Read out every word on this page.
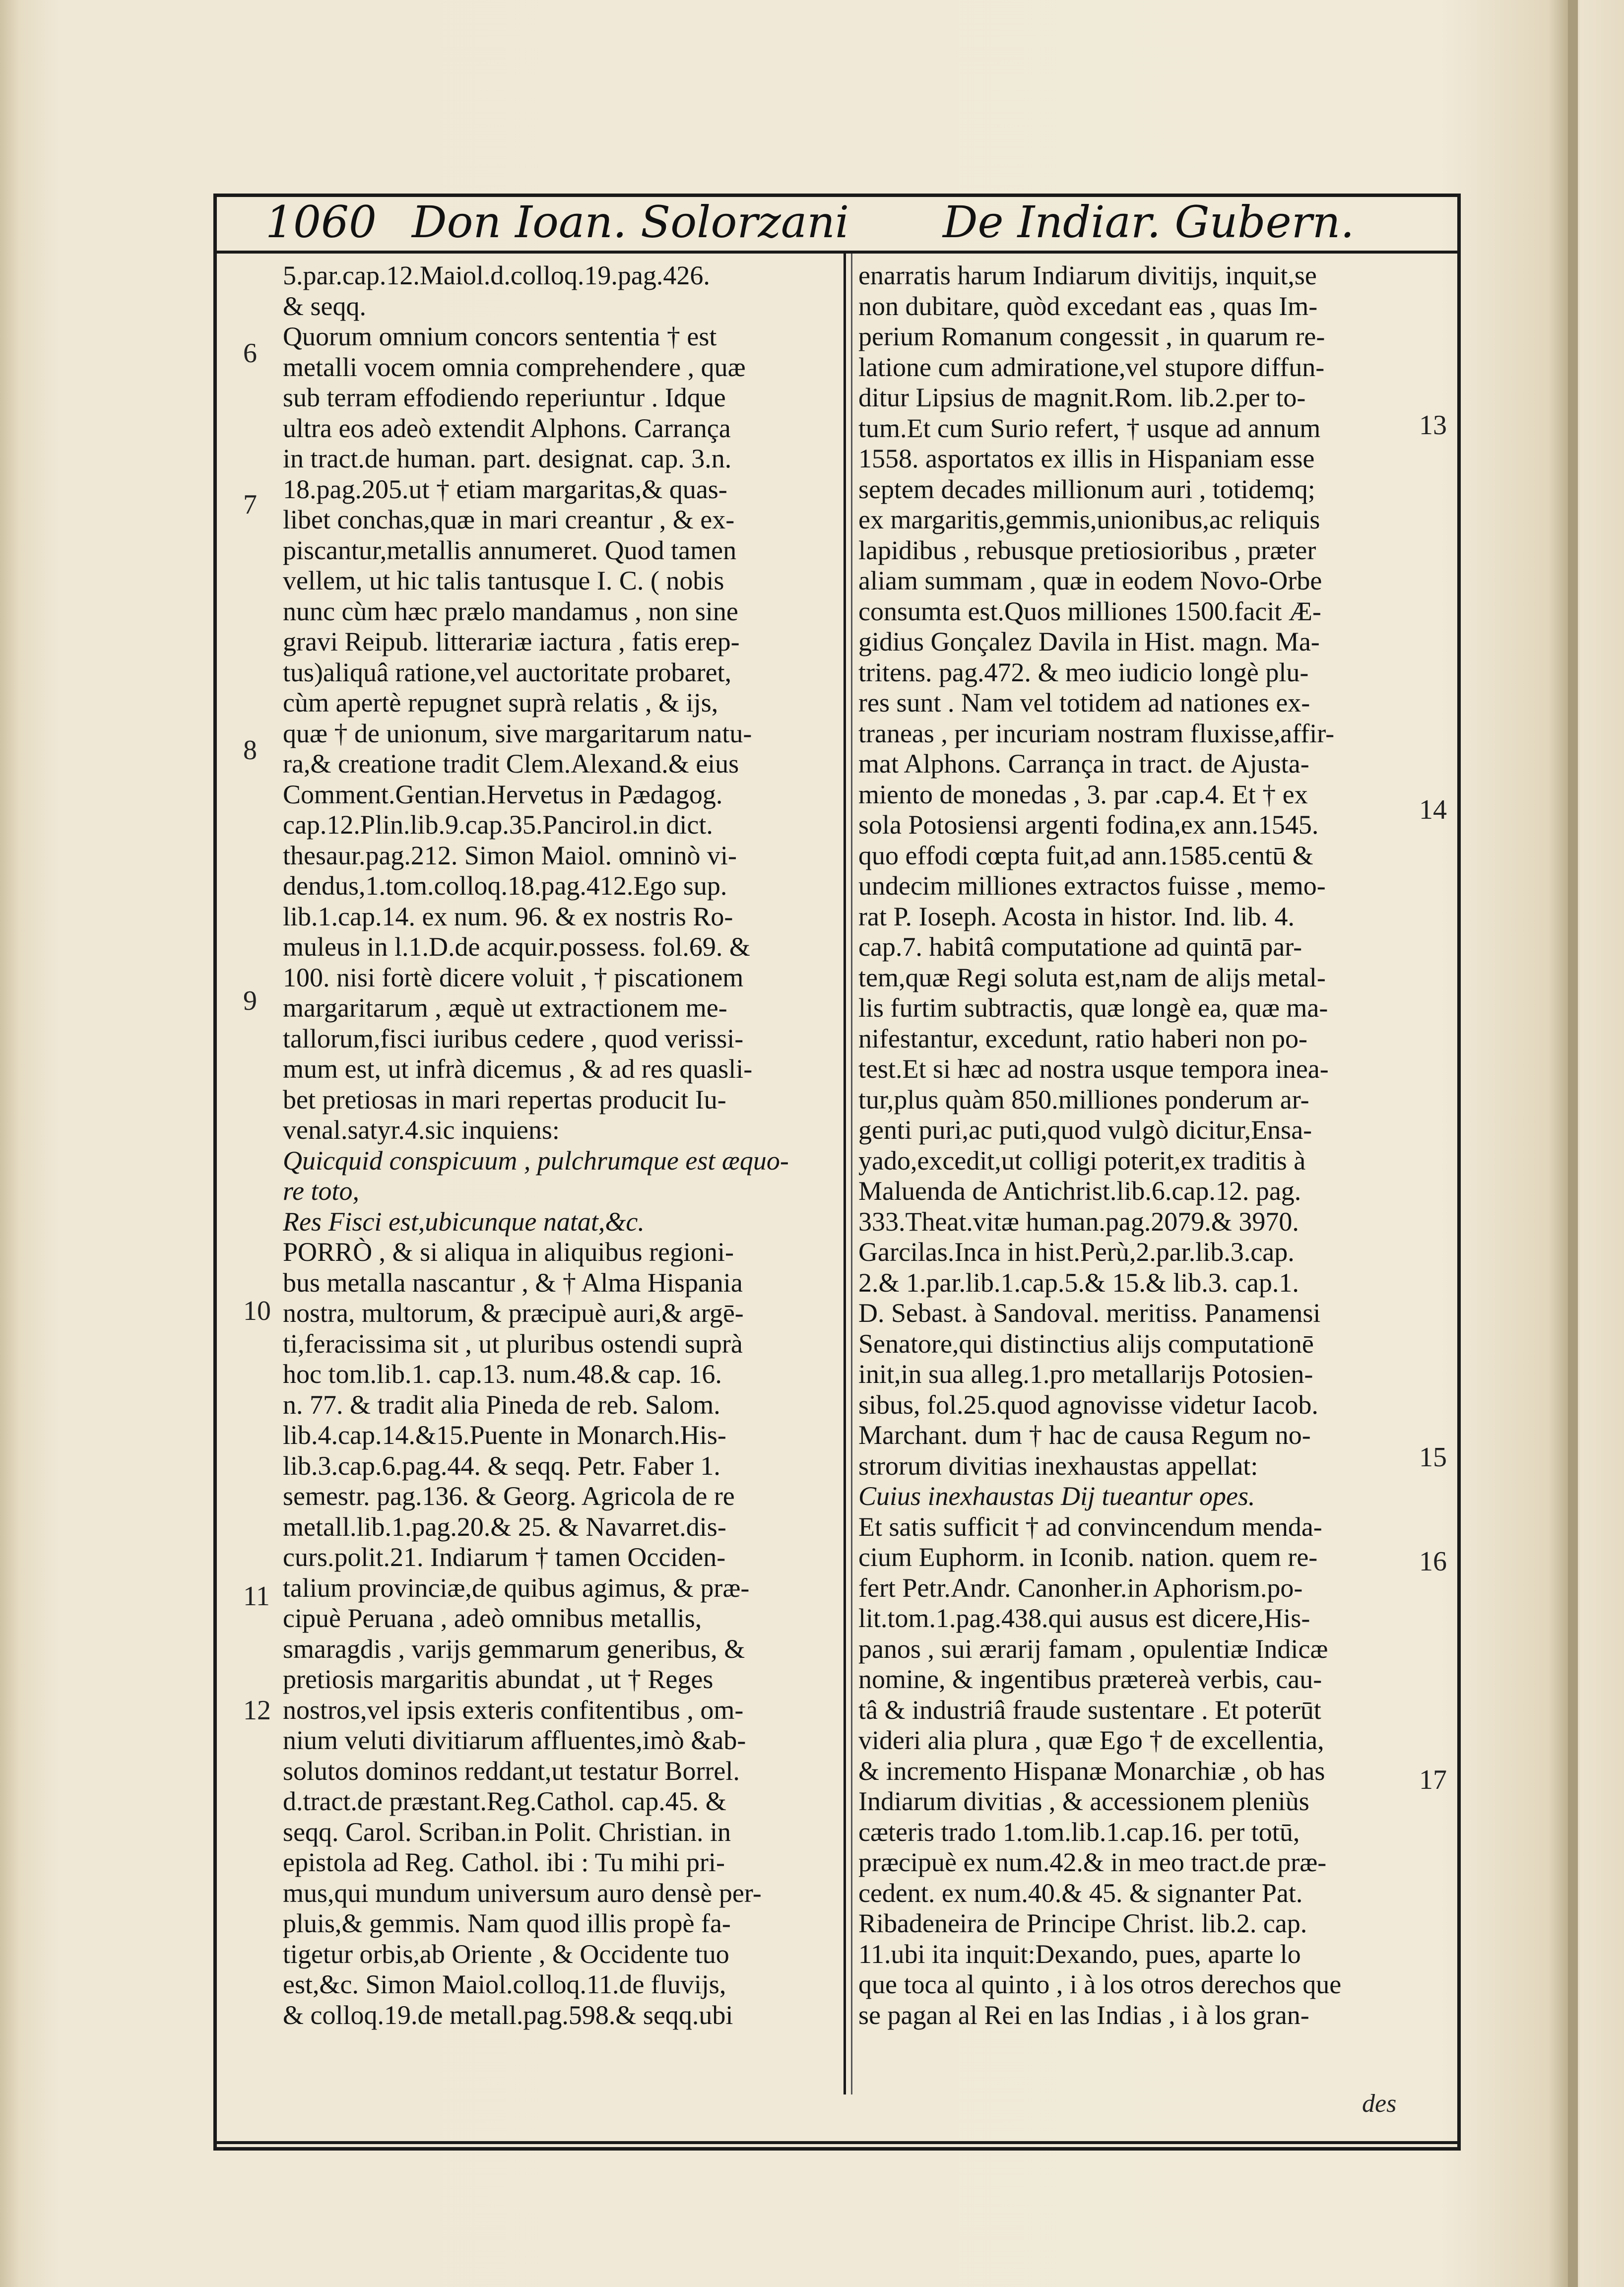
1060 Don Ioan. Solorzani De Indiar. Gubern.
5.par.cap.12.Maiol.d.colloq.19.pag.426.
& seqq.
Quorum omnium concors sententia † est
metalli vocem omnia comprehendere , quæ
sub terram effodiendo reperiuntur . Idque
ultra eos adeò extendit Alphons. Carrança
in tract.de human. part. designat. cap. 3.n.
18.pag.205.ut † etiam margaritas,& quas-
libet conchas,quæ in mari creantur , & ex-
piscantur,metallis annumeret. Quod tamen
vellem, ut hic talis tantusque I. C. ( nobis
nunc cùm hæc prælo mandamus , non sine
gravi Reipub. litterariæ iactura , fatis erep-
tus)aliquâ ratione,vel auctoritate probaret,
cùm apertè repugnet suprà relatis , & ijs,
quæ † de unionum, sive margaritarum natu-
ra,& creatione tradit Clem.Alexand.& eius
Comment.Gentian.Hervetus in Pædagog.
cap.12.Plin.lib.9.cap.35.Pancirol.in dict.
thesaur.pag.212. Simon Maiol. omninò vi-
dendus,1.tom.colloq.18.pag.412.Ego sup.
lib.1.cap.14. ex num. 96. & ex nostris Ro-
muleus in l.1.D.de acquir.possess. fol.69. &
100. nisi fortè dicere voluit , † piscationem
margaritarum , æquè ut extractionem me-
tallorum,fisci iuribus cedere , quod verissi-
mum est, ut infrà dicemus , & ad res quasli-
bet pretiosas in mari repertas producit Iu-
venal.satyr.4.sic inquiens:
Quicquid conspicuum , pulchrumque est æquo-
re toto,
Res Fisci est,ubicunque natat,&c.
PORRÒ , & si aliqua in aliquibus regioni-
bus metalla nascantur , & † Alma Hispania
nostra, multorum, & præcipuè auri,& argē-
ti,feracissima sit , ut pluribus ostendi suprà
hoc tom.lib.1. cap.13. num.48.& cap. 16.
n. 77. & tradit alia Pineda de reb. Salom.
lib.4.cap.14.&15.Puente in Monarch.His-
lib.3.cap.6.pag.44. & seqq. Petr. Faber 1.
semestr. pag.136. & Georg. Agricola de re
metall.lib.1.pag.20.& 25. & Navarret.dis-
curs.polit.21. Indiarum † tamen Occiden-
talium provinciæ,de quibus agimus, & præ-
cipuè Peruana , adeò omnibus metallis,
smaragdis , varijs gemmarum generibus, &
pretiosis margaritis abundat , ut † Reges
nostros,vel ipsis exteris confitentibus , om-
nium veluti divitiarum affluentes,imò &ab-
solutos dominos reddant,ut testatur Borrel.
d.tract.de præstant.Reg.Cathol. cap.45. &
seqq. Carol. Scriban.in Polit. Christian. in
epistola ad Reg. Cathol. ibi : Tu mihi pri-
mus,qui mundum universum auro densè per-
pluis,& gemmis. Nam quod illis propè fa-
tigetur orbis,ab Oriente , & Occidente tuo
est,&c. Simon Maiol.colloq.11.de fluvijs,
& colloq.19.de metall.pag.598.& seqq.ubi
enarratis harum Indiarum divitijs, inquit,se
non dubitare, quòd excedant eas , quas Im-
perium Romanum congessit , in quarum re-
latione cum admiratione,vel stupore diffun-
ditur Lipsius de magnit.Rom. lib.2.per to-
tum.Et cum Surio refert, † usque ad annum
1558. asportatos ex illis in Hispaniam esse
septem decades millionum auri , totidemq;
ex margaritis,gemmis,unionibus,ac reliquis
lapidibus , rebusque pretiosioribus , præter
aliam summam , quæ in eodem Novo-Orbe
consumta est.Quos milliones 1500.facit Æ-
gidius Gonçalez Davila in Hist. magn. Ma-
tritens. pag.472. & meo iudicio longè plu-
res sunt . Nam vel totidem ad nationes ex-
traneas , per incuriam nostram fluxisse,affir-
mat Alphons. Carrança in tract. de Ajusta-
miento de monedas , 3. par .cap.4. Et † ex
sola Potosiensi argenti fodina,ex ann.1545.
quo effodi cœpta fuit,ad ann.1585.centū &
undecim milliones extractos fuisse , memo-
rat P. Ioseph. Acosta in histor. Ind. lib. 4.
cap.7. habitâ computatione ad quintā par-
tem,quæ Regi soluta est,nam de alijs metal-
lis furtim subtractis, quæ longè ea, quæ ma-
nifestantur, excedunt, ratio haberi non po-
test.Et si hæc ad nostra usque tempora inea-
tur,plus quàm 850.milliones ponderum ar-
genti puri,ac puti,quod vulgò dicitur,Ensa-
yado,excedit,ut colligi poterit,ex traditis à
Maluenda de Antichrist.lib.6.cap.12. pag.
333.Theat.vitæ human.pag.2079.& 3970.
Garcilas.Inca in hist.Perù,2.par.lib.3.cap.
2.& 1.par.lib.1.cap.5.& 15.& lib.3. cap.1.
D. Sebast. à Sandoval. meritiss. Panamensi
Senatore,qui distinctius alijs computationē
init,in sua alleg.1.pro metallarijs Potosien-
sibus, fol.25.quod agnovisse videtur Iacob.
Marchant. dum † hac de causa Regum no-
strorum divitias inexhaustas appellat:
Cuius inexhaustas Dij tueantur opes.
Et satis sufficit † ad convincendum menda-
cium Euphorm. in Iconib. nation. quem re-
fert Petr.Andr. Canonher.in Aphorism.po-
lit.tom.1.pag.438.qui ausus est dicere,His-
panos , sui ærarij famam , opulentiæ Indicæ
nomine, & ingentibus prætereà verbis, cau-
tâ & industriâ fraude sustentare . Et poterūt
videri alia plura , quæ Ego † de excellentia,
& incremento Hispanæ Monarchiæ , ob has
Indiarum divitias , & accessionem pleniùs
cæteris trado 1.tom.lib.1.cap.16. per totū,
præcipuè ex num.42.& in meo tract.de præ-
cedent. ex num.40.& 45. & signanter Pat.
Ribadeneira de Principe Christ. lib.2. cap.
11.ubi ita inquit:Dexando, pues, aparte lo
que toca al quinto , i à los otros derechos que
se pagan al Rei en las Indias , i à los gran-
6
7
8
9
10
11
12
13
14
15
16
17
des
